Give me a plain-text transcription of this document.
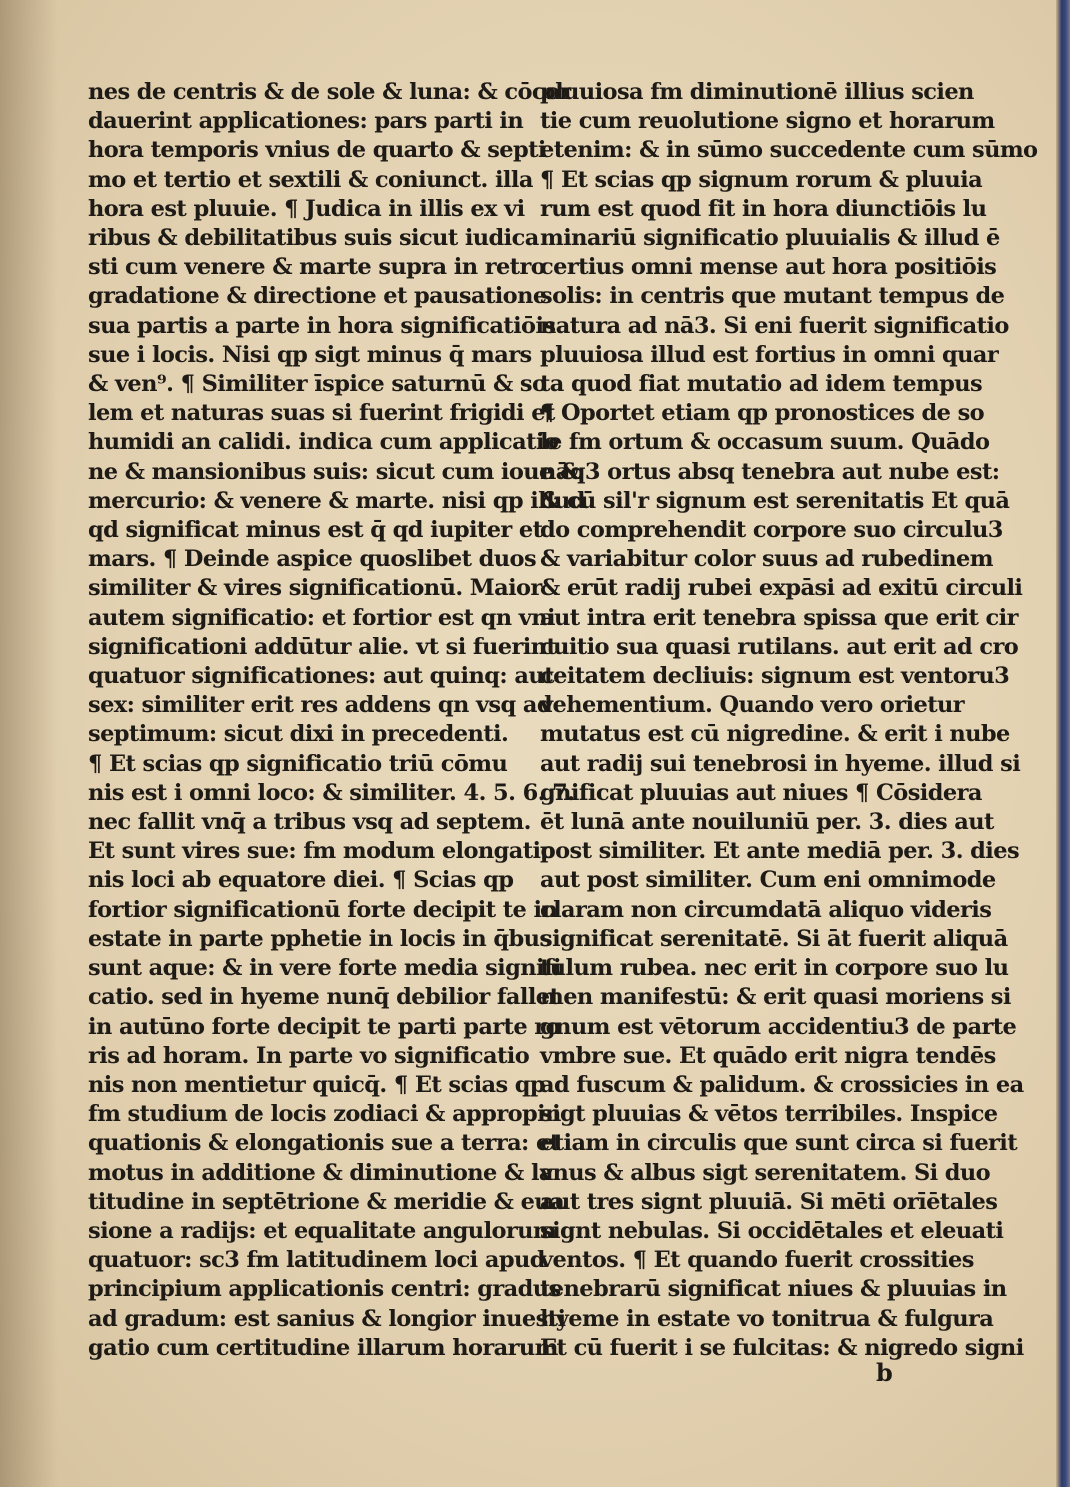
nes de centris & de sole & luna: & cōcor
dauerint applicationes: pars parti in
hora temporis vnius de quarto & septi
mo et tertio et sextili & coniunct. illa
hora est pluuie. ¶ Judica in illis ex vi
ribus & debilitatibus suis sicut iudica
sti cum venere & marte supra in retro
gradatione & directione et pausatione
sua partis a parte in hora significatiōis
sue i locis. Nisi qp sigt minus q̄ mars
& ven⁹. ¶ Similiter īspice saturnū & so
lem et naturas suas si fuerint frigidi et
humidi an calidi. indica cum applicatio
ne & mansionibus suis: sicut cum ioue &
mercurio: & venere & marte. nisi qp illud
qd significat minus est q̄ qd iupiter et
mars. ¶ Deinde aspice quoslibet duos
similiter & vires significationū. Maior
autem significatio: et fortior est qn vni
significationi addūtur alie. vt si fuerint
quatuor significationes: aut quinq: aut
sex: similiter erit res addens qn vsq ad
septimum: sicut dixi in precedenti.
¶ Et scias qp significatio triū cōmu
nis est i omni loco: & similiter. 4. 5. 6. 7.
nec fallit vnq̄ a tribus vsq ad septem.
Et sunt vires sue: fm modum elongatio
nis loci ab equatore diei. ¶ Scias qp
fortior significationū forte decipit te in
estate in parte pphetie in locis in q̄bus
sunt aque: & in vere forte media signifi
catio. sed in hyeme nunq̄ debilior fallet
in autūno forte decipit te parti parte ro
ris ad horam. In parte vo significatio
nis non mentietur quicq̄. ¶ Et scias qp
fm studium de locis zodiaci & appropin
quationis & elongationis sue a terra: et
motus in additione & diminutione & la
titudine in septētrione & meridie & eua
sione a radijs: et equalitate angulorum
quatuor: sc3 fm latitudinem loci apud
principium applicationis centri: gradus
ad gradum: est sanius & longior inuesti
gatio cum certitudine illarum horarum
pluuiosa fm diminutionē illius scien
tie cum reuolutione signo et horarum
etenim: & in sūmo succedente cum sūmo
¶ Et scias qp signum rorum & pluuia
rum est quod fit in hora diunctiōis lu
minariū significatio pluuialis & illud ē
certius omni mense aut hora positiōis
solis: in centris que mutant tempus de
natura ad nā3. Si eni fuerit significatio
pluuiosa illud est fortius in omni quar
ta quod fiat mutatio ad idem tempus
¶ Oportet etiam qp pronostices de so
le fm ortum & occasum suum. Quādo
nāq3 ortus absq tenebra aut nube est:
& cū sil'r signum est serenitatis Et quā
do comprehendit corpore suo circulu3
& variabitur color suus ad rubedinem
& erūt radij rubei expāsi ad exitū circuli
aut intra erit tenebra spissa que erit cir
cuitio sua quasi rutilans. aut erit ad cro
ceitatem decliuis: signum est ventoru3
vehementium. Quando vero orietur
mutatus est cū nigredine. & erit i nube
aut radij sui tenebrosi in hyeme. illud si
gnificat pluuias aut niues ¶ Cōsidera
ēt lunā ante nouiluniū per. 3. dies aut
post similiter. Et ante mediā per. 3. dies
aut post similiter. Cum eni omnimode
claram non circumdatā aliquo videris
significat serenitatē. Si āt fuerit aliquā
tulum rubea. nec erit in corpore suo lu
men manifestū: & erit quasi moriens si
gnum est vētorum accidentiu3 de parte
vmbre sue. Et quādo erit nigra tendēs
ad fuscum & palidum. & crossicies in ea
sigt pluuias & vētos terribiles. Inspice
etiam in circulis que sunt circa si fuerit
vnus & albus sigt serenitatem. Si duo
aut tres signt pluuiā. Si mēti orīētales
signt nebulas. Si occidētales et eleuati
ventos. ¶ Et quando fuerit crossities
tenebrarū significat niues & pluuias in
hyeme in estate vo tonitrua & fulgura
Et cū fuerit i se fulcitas: & nigredo signi
b
